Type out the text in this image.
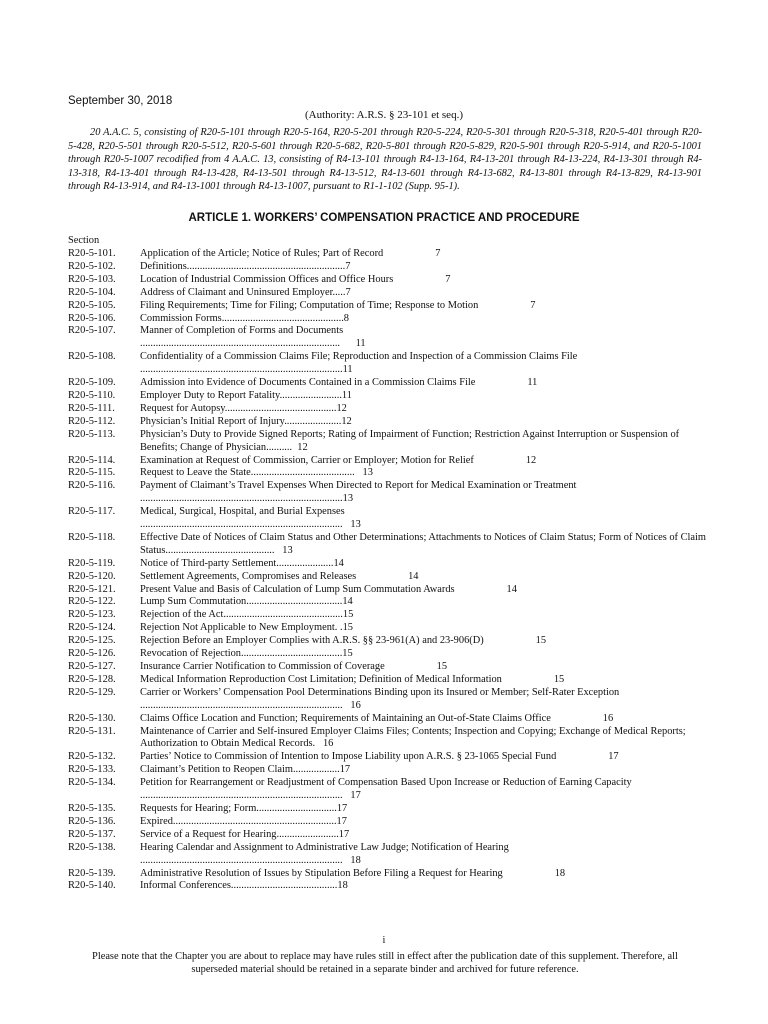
September 30, 2018
(Authority: A.R.S. § 23-101 et seq.)
20 A.A.C. 5, consisting of R20-5-101 through R20-5-164, R20-5-201 through R20-5-224, R20-5-301 through R20-5-318, R20-5-401 through R20-5-428, R20-5-501 through R20-5-512, R20-5-601 through R20-5-682, R20-5-801 through R20-5-829, R20-5-901 through R20-5-914, and R20-5-1001 through R20-5-1007 recodified from 4 A.A.C. 13, consisting of R4-13-101 through R4-13-164, R4-13-201 through R4-13-224, R4-13-301 through R4-13-318, R4-13-401 through R4-13-428, R4-13-501 through R4-13-512, R4-13-601 through R4-13-682, R4-13-801 through R4-13-829, R4-13-901 through R4-13-914, and R4-13-1001 through R4-13-1007, pursuant to R1-1-102 (Supp. 95-1).
ARTICLE 1. WORKERS’ COMPENSATION PRACTICE AND PROCEDURE
Section
R20-5-101.	Application of the Article; Notice of Rules; Part of Record                    7
R20-5-102.	Definitions.............................................................7
R20-5-103.	Location of Industrial Commission Offices and Office Hours                    7
R20-5-104.	Address of Claimant and Uninsured Employer.....7
R20-5-105.	Filing Requirements; Time for Filing; Computation of Time; Response to Motion                    7
R20-5-106.	Commission Forms...............................................8
R20-5-107.	Manner of Completion of Forms and Documents
.............................................................................      11
R20-5-108.	Confidentiality of a Commission Claims File; Reproduction and Inspection of a Commission Claims File
..............................................................................11
R20-5-109.	Admission into Evidence of Documents Contained in a Commission Claims File                    11
R20-5-110.	Employer Duty to Report Fatality........................11
R20-5-111.	Request for Autopsy...........................................12
R20-5-112.	Physician’s Initial Report of Injury......................12
R20-5-113.	Physician’s Duty to Provide Signed Reports; Rating of Impairment of Function; Restriction Against Interruption or Suspension of Benefits; Change of Physician..........  12
R20-5-114.	Examination at Request of Commission, Carrier or Employer; Motion for Relief                    12
R20-5-115.	Request to Leave the State........................................   13
R20-5-116.	Payment of Claimant’s Travel Expenses When Directed to Report for Medical Examination or Treatment
..............................................................................13
R20-5-117.	Medical, Surgical, Hospital, and Burial Expenses
..............................................................................   13
R20-5-118.	Effective Date of Notices of Claim Status and Other Determinations; Attachments to Notices of Claim Status; Form of Notices of Claim Status..........................................   13
R20-5-119.	Notice of Third-party Settlement......................14
R20-5-120.	Settlement Agreements, Compromises and Releases                    14
R20-5-121.	Present Value and Basis of Calculation of Lump Sum Commutation Awards                    14
R20-5-122.	Lump Sum Commutation.....................................14
R20-5-123.	Rejection of the Act..............................................15
R20-5-124.	Rejection Not Applicable to New Employment. .15
R20-5-125.	Rejection Before an Employer Complies with A.R.S. §§ 23-961(A) and 23-906(D)                    15
R20-5-126.	Revocation of Rejection.......................................15
R20-5-127.	Insurance Carrier Notification to Commission of Coverage                    15
R20-5-128.	Medical Information Reproduction Cost Limitation; Definition of Medical Information                    15
R20-5-129.	Carrier or Workers’ Compensation Pool Determinations Binding upon its Insured or Member; Self-Rater Exception
..............................................................................   16
R20-5-130.	Claims Office Location and Function; Requirements of Maintaining an Out-of-State Claims Office                    16
R20-5-131.	Maintenance of Carrier and Self-insured Employer Claims Files; Contents; Inspection and Copying; Exchange of Medical Reports; Authorization to Obtain Medical Records.   16
R20-5-132.	Parties’ Notice to Commission of Intention to Impose Liability upon A.R.S. § 23-1065 Special Fund                    17
R20-5-133.	Claimant’s Petition to Reopen Claim..................17
R20-5-134.	Petition for Rearrangement or Readjustment of Compensation Based Upon Increase or Reduction of Earning Capacity
..............................................................................   17
R20-5-135.	Requests for Hearing; Form...............................17
R20-5-136.	Expired...............................................................17
R20-5-137.	Service of a Request for Hearing........................17
R20-5-138.	Hearing Calendar and Assignment to Administrative Law Judge; Notification of Hearing
..............................................................................   18
R20-5-139.	Administrative Resolution of Issues by Stipulation Before Filing a Request for Hearing                    18
R20-5-140.	Informal Conferences.........................................18
i
Please note that the Chapter you are about to replace may have rules still in effect after the publication date of this supplement. Therefore, all superseded material should be retained in a separate binder and archived for future reference.
